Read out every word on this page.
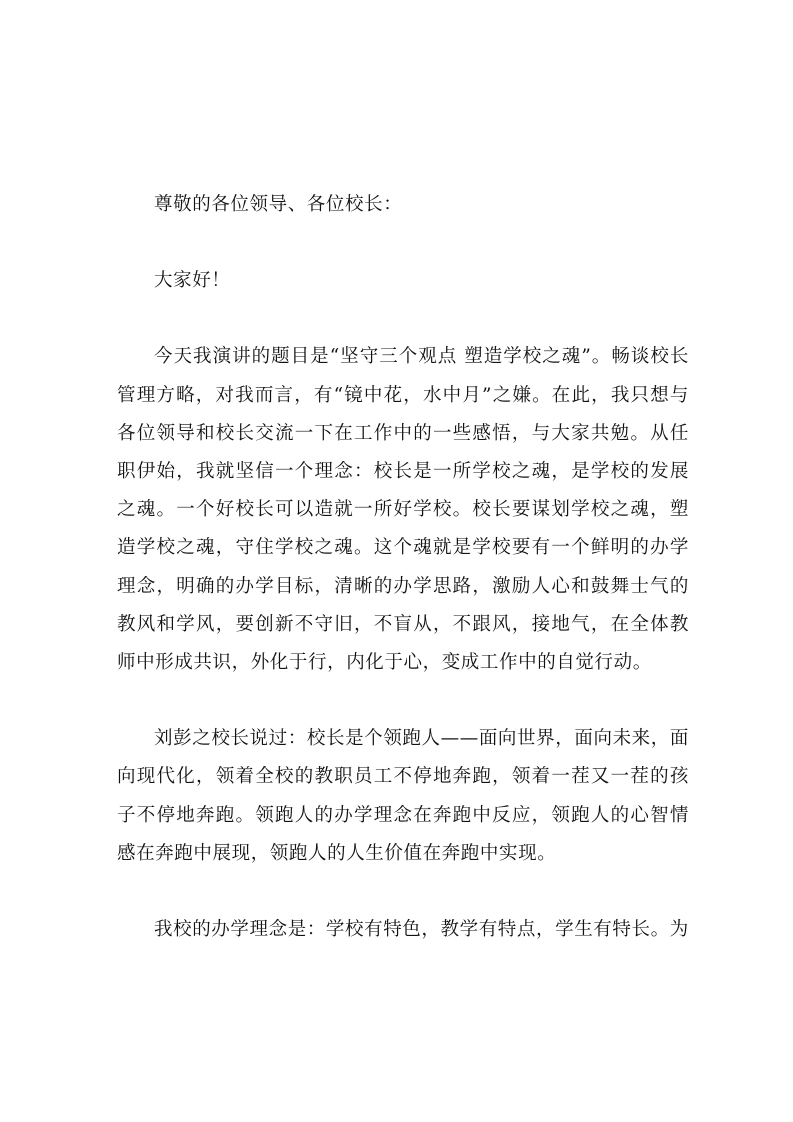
尊敬的各位领导、各位校长：

大家好！

今天我演讲的题目是“坚守三个观点 塑造学校之魂”。畅谈校长管理方略，对我而言，有“镜中花，水中月”之嫌。在此，我只想与各位领导和校长交流一下在工作中的一些感悟，与大家共勉。从任职伊始，我就坚信一个理念：校长是一所学校之魂，是学校的发展之魂。一个好校长可以造就一所好学校。校长要谋划学校之魂，塑造学校之魂，守住学校之魂。这个魂就是学校要有一个鲜明的办学理念，明确的办学目标，清晰的办学思路，激励人心和鼓舞士气的教风和学风，要创新不守旧，不盲从，不跟风，接地气，在全体教师中形成共识，外化于行，内化于心，变成工作中的自觉行动。

刘彭之校长说过：校长是个领跑人——面向世界，面向未来，面向现代化，领着全校的教职员工不停地奔跑，领着一茬又一茬的孩子不停地奔跑。领跑人的办学理念在奔跑中反应，领跑人的心智情感在奔跑中展现，领跑人的人生价值在奔跑中实现。

我校的办学理念是：学校有特色，教学有特点，学生有特长。为
